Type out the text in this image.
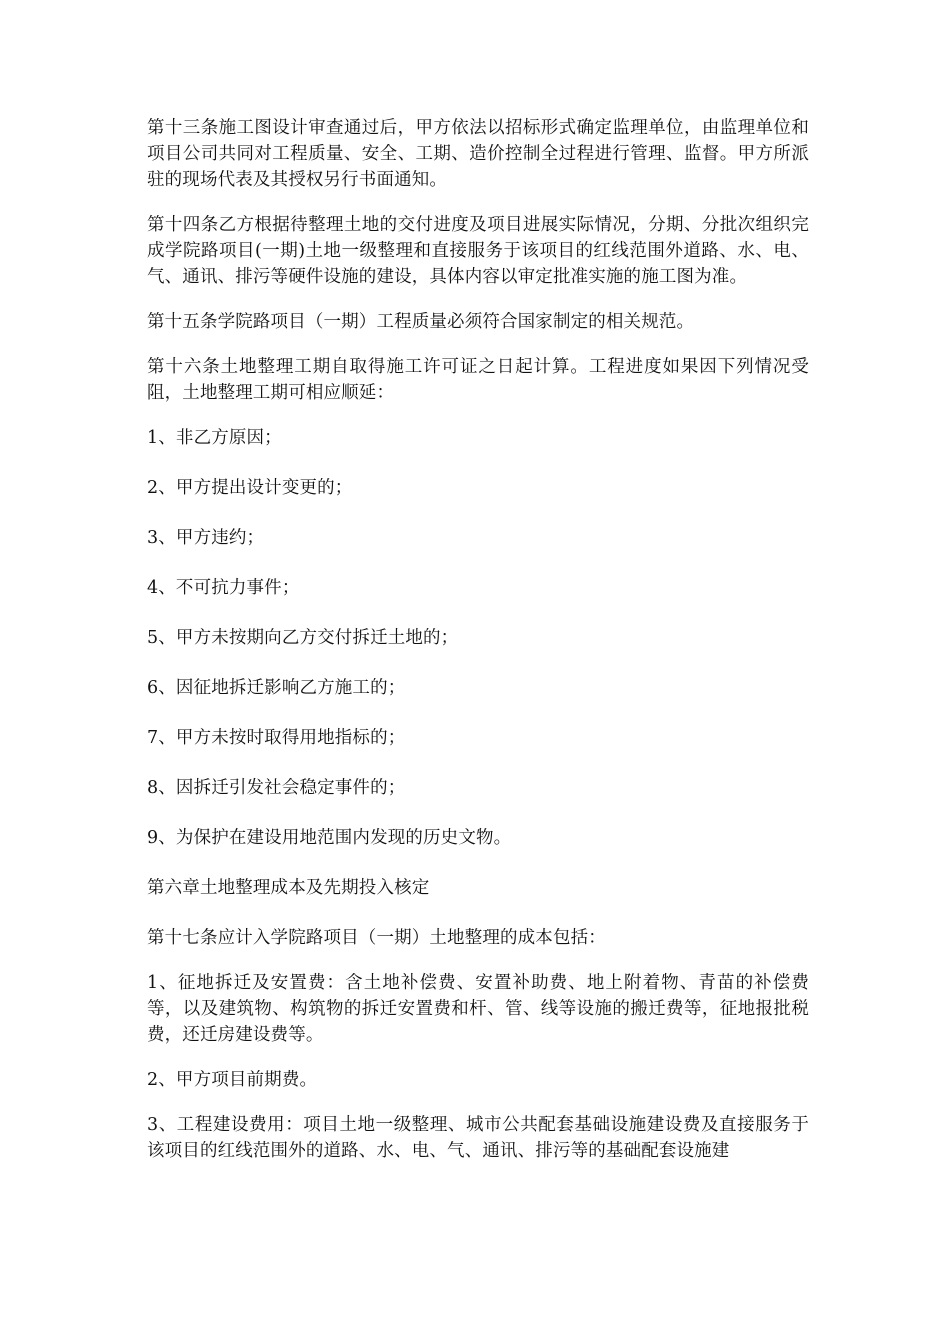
第十三条施工图设计审查通过后，甲方依法以招标形式确定监理单位，由监理单位和项目公司共同对工程质量、安全、工期、造价控制全过程进行管理、监督。甲方所派驻的现场代表及其授权另行书面通知。

第十四条乙方根据待整理土地的交付进度及项目进展实际情况，分期、分批次组织完成学院路项目(一期)土地一级整理和直接服务于该项目的红线范围外道路、水、电、气、通讯、排污等硬件设施的建设，具体内容以审定批准实施的施工图为准。

第十五条学院路项目（一期）工程质量必须符合国家制定的相关规范。

第十六条土地整理工期自取得施工许可证之日起计算。工程进度如果因下列情况受阻，土地整理工期可相应顺延：

1、非乙方原因；

2、甲方提出设计变更的；

3、甲方违约；

4、不可抗力事件；

5、甲方未按期向乙方交付拆迁土地的；

6、因征地拆迁影响乙方施工的；

7、甲方未按时取得用地指标的；

8、因拆迁引发社会稳定事件的；

9、为保护在建设用地范围内发现的历史文物。

第六章土地整理成本及先期投入核定

第十七条应计入学院路项目（一期）土地整理的成本包括：

1、征地拆迁及安置费：含土地补偿费、安置补助费、地上附着物、青苗的补偿费等，以及建筑物、构筑物的拆迁安置费和杆、管、线等设施的搬迁费等，征地报批税费，还迁房建设费等。

2、甲方项目前期费。

3、工程建设费用：项目土地一级整理、城市公共配套基础设施建设费及直接服务于该项目的红线范围外的道路、水、电、气、通讯、排污等的基础配套设施建
